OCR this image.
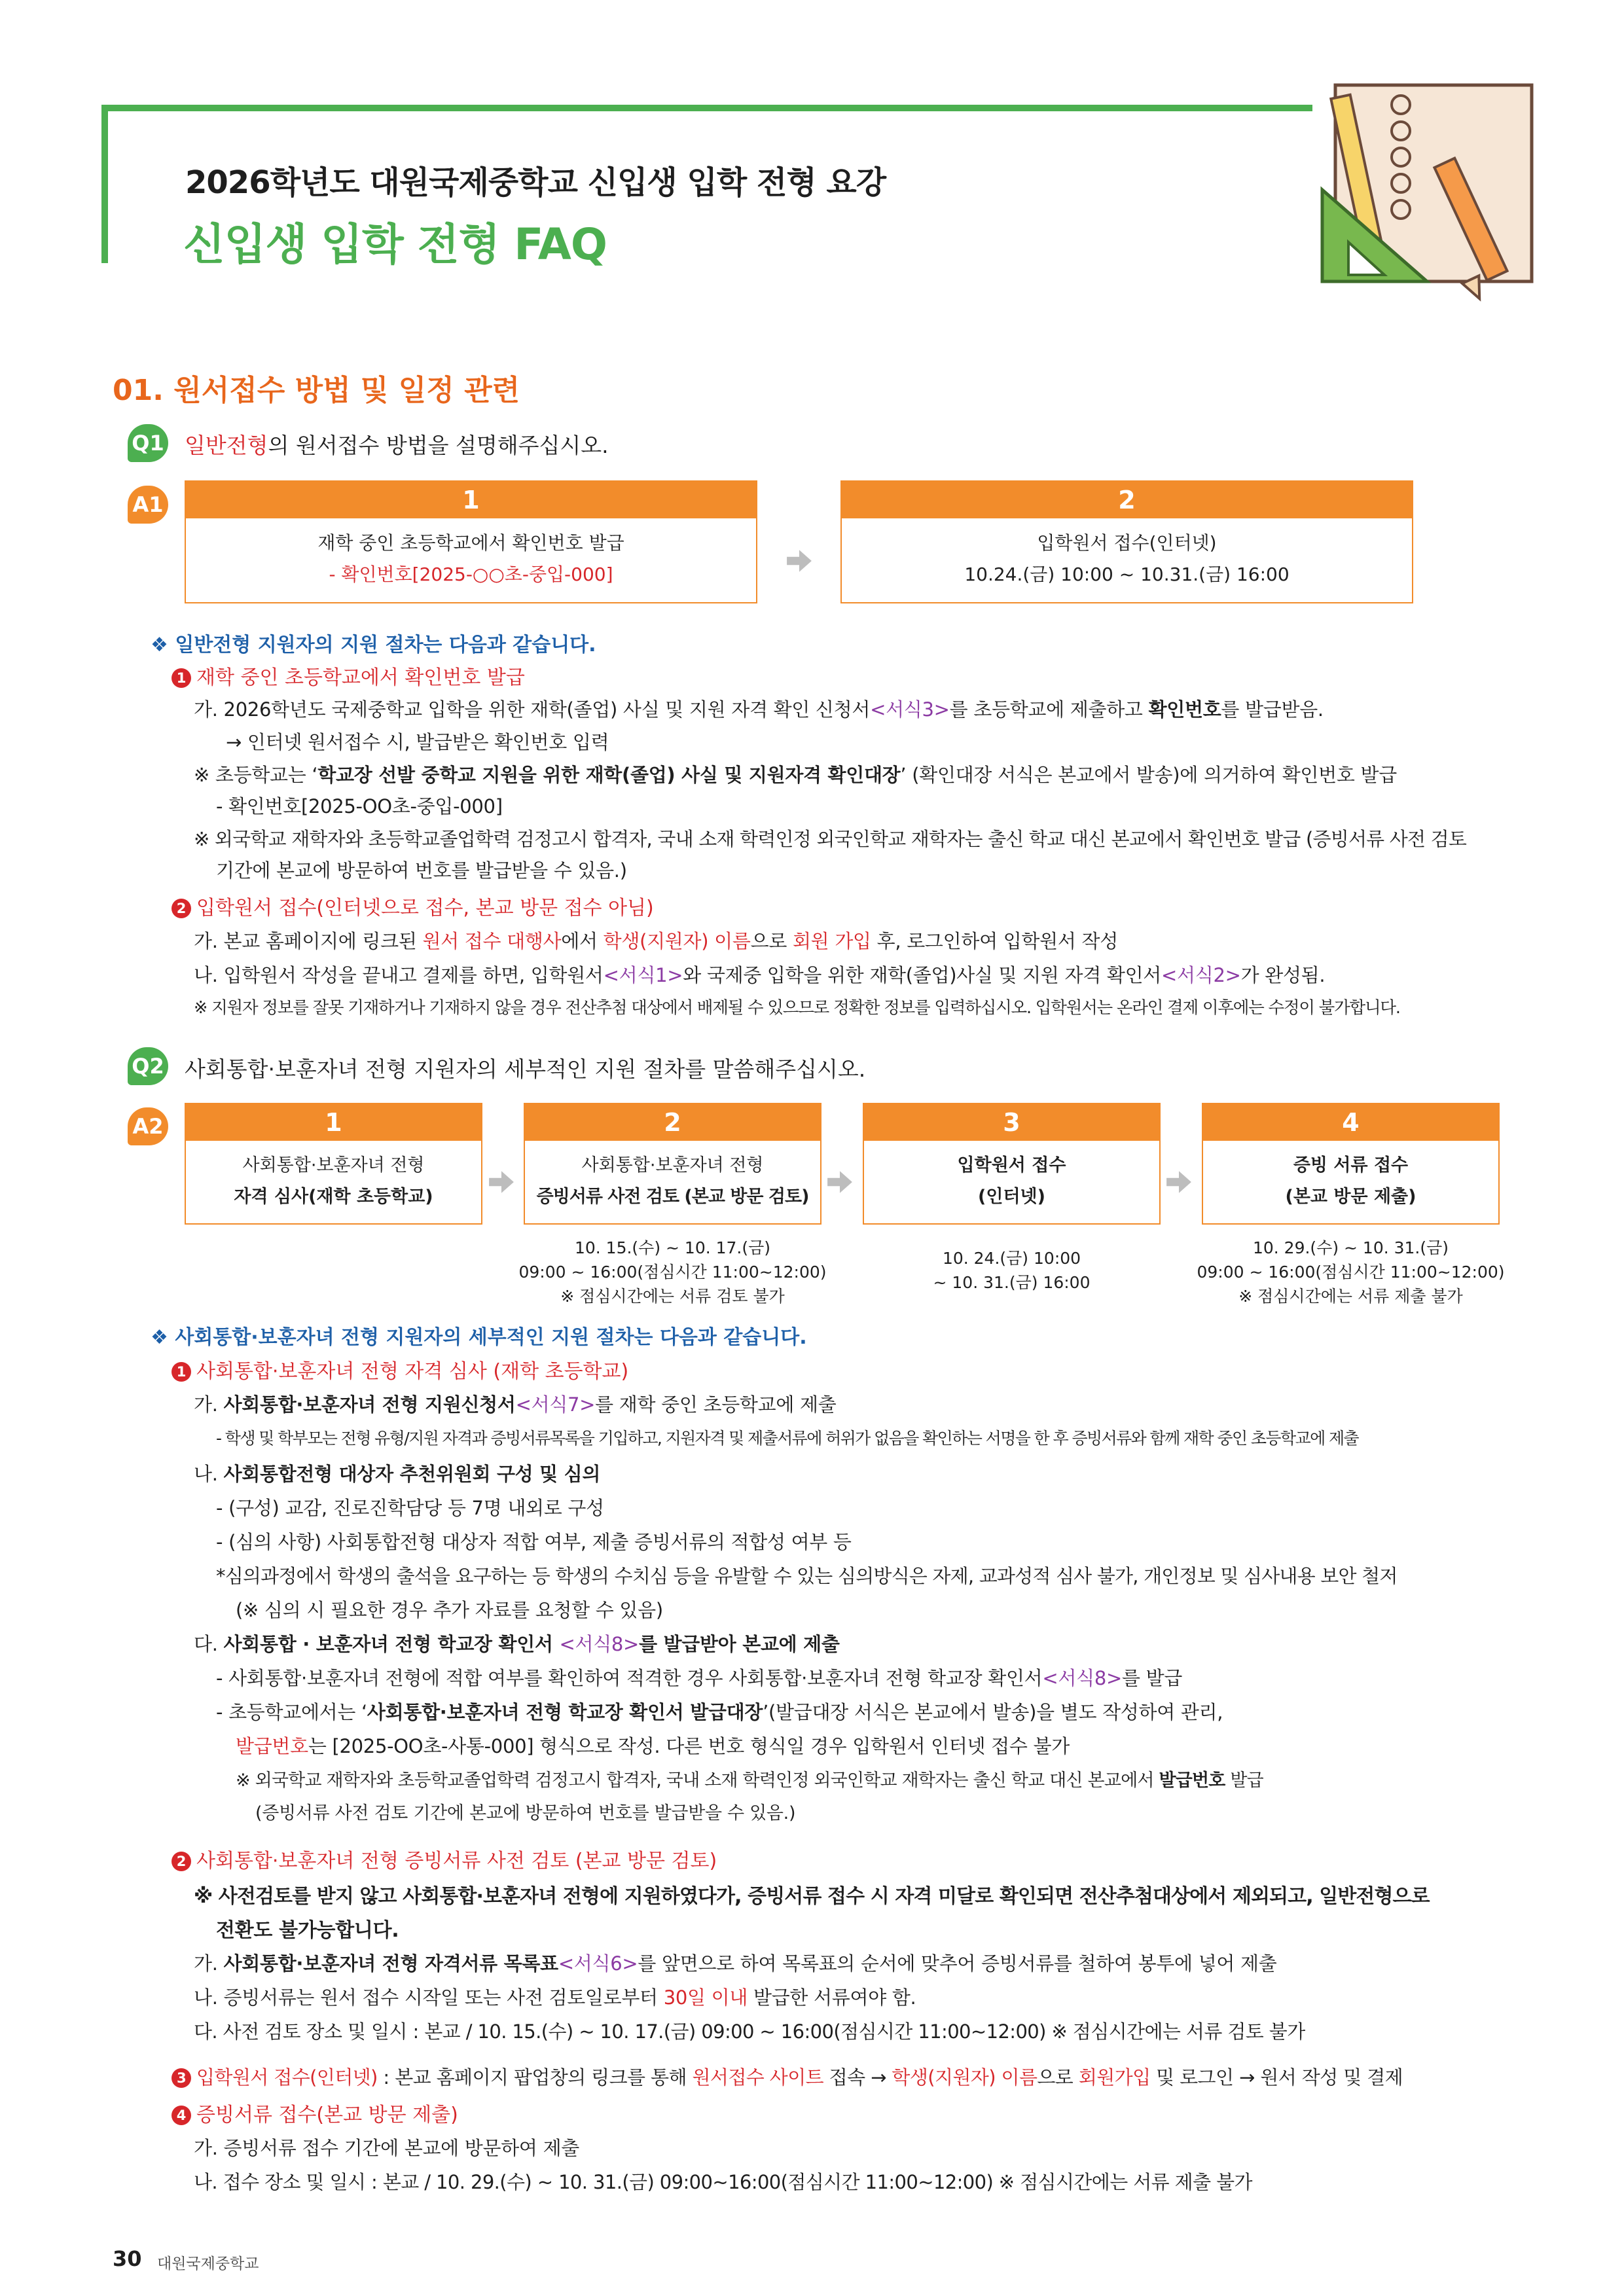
2026학년도 대원국제중학교 신입생 입학 전형 요강
신입생 입학 전형 FAQ
01. 원서접수 방법 및 일정 관련
Q1 일반전형의 원서접수 방법을 설명해주십시오.
A1	1
재학 중인 초등학교에서 확인번호 발급
- 확인번호[2025-○○초-중입-000]
2
입학원서 접수(인터넷)
10.24.(금) 10:00 ~ 10.31.(금) 16:00
❖ 일반전형 지원자의 지원 절차는 다음과 같습니다.
1 재학 중인 초등학교에서 확인번호 발급
가. 2026학년도 국제중학교 입학을 위한 재학(졸업) 사실 및 지원 자격 확인 신청서<서식3>를 초등학교에 제출하고 확인번호를 발급받음.
→ 인터넷 원서접수 시, 발급받은 확인번호 입력
※ 초등학교는 ‘학교장 선발 중학교 지원을 위한 재학(졸업) 사실 및 지원자격 확인대장’ (확인대장 서식은 본교에서 발송)에 의거하여 확인번호 발급
- 확인번호[2025-OO초-중입-000]
※ 외국학교 재학자와 초등학교졸업학력 검정고시 합격자, 국내 소재 학력인정 외국인학교 재학자는 출신 학교 대신 본교에서 확인번호 발급 (증빙서류 사전 검토
기간에 본교에 방문하여 번호를 발급받을 수 있음.)
2 입학원서 접수(인터넷으로 접수, 본교 방문 접수 아님)
가. 본교 홈페이지에 링크된 원서 접수 대행사에서 학생(지원자) 이름으로 회원 가입 후, 로그인하여 입학원서 작성
나. 입학원서 작성을 끝내고 결제를 하면, 입학원서<서식1>와 국제중 입학을 위한 재학(졸업)사실 및 지원 자격 확인서<서식2>가 완성됨.
※ 지원자 정보를 잘못 기재하거나 기재하지 않을 경우 전산추첨 대상에서 배제될 수 있으므로 정확한 정보를 입력하십시오. 입학원서는 온라인 결제 이후에는 수정이 불가합니다.
Q2 사회통합·보훈자녀 전형 지원자의 세부적인 지원 절차를 말씀해주십시오.
A2	1
사회통합·보훈자녀 전형
자격 심사(재학 초등학교)
2
사회통합·보훈자녀 전형
증빙서류 사전 검토 (본교 방문 검토)
3
입학원서 접수
(인터넷)
4
증빙 서류 접수
(본교 방문 제출)
10. 15.(수) ~ 10. 17.(금)
09:00 ~ 16:00(점심시간 11:00~12:00)
※ 점심시간에는 서류 검토 불가
10. 24.(금) 10:00
~ 10. 31.(금) 16:00
10. 29.(수) ~ 10. 31.(금)
09:00 ~ 16:00(점심시간 11:00~12:00)
※ 점심시간에는 서류 제출 불가
❖ 사회통합·보훈자녀 전형 지원자의 세부적인 지원 절차는 다음과 같습니다.
1 사회통합·보훈자녀 전형 자격 심사 (재학 초등학교)
가. 사회통합·보훈자녀 전형 지원신청서<서식7>를 재학 중인 초등학교에 제출
- 학생 및 학부모는 전형 유형/지원 자격과 증빙서류목록을 기입하고, 지원자격 및 제출서류에 허위가 없음을 확인하는 서명을 한 후 증빙서류와 함께 재학 중인 초등학교에 제출
나. 사회통합전형 대상자 추천위원회 구성 및 심의
- (구성) 교감, 진로진학담당 등 7명 내외로 구성
- (심의 사항) 사회통합전형 대상자 적합 여부, 제출 증빙서류의 적합성 여부 등
*심의과정에서 학생의 출석을 요구하는 등 학생의 수치심 등을 유발할 수 있는 심의방식은 자제, 교과성적 심사 불가, 개인정보 및 심사내용 보안 철저
(※ 심의 시 필요한 경우 추가 자료를 요청할 수 있음)
다. 사회통합 · 보훈자녀 전형 학교장 확인서 <서식8>를 발급받아 본교에 제출
- 사회통합·보훈자녀 전형에 적합 여부를 확인하여 적격한 경우 사회통합·보훈자녀 전형 학교장 확인서<서식8>를 발급
- 초등학교에서는 ‘사회통합·보훈자녀 전형 학교장 확인서 발급대장’(발급대장 서식은 본교에서 발송)을 별도 작성하여 관리,
발급번호는 [2025-OO초-사통-000] 형식으로 작성. 다른 번호 형식일 경우 입학원서 인터넷 접수 불가
※ 외국학교 재학자와 초등학교졸업학력 검정고시 합격자, 국내 소재 학력인정 외국인학교 재학자는 출신 학교 대신 본교에서 발급번호 발급
(증빙서류 사전 검토 기간에 본교에 방문하여 번호를 발급받을 수 있음.)
2 사회통합·보훈자녀 전형 증빙서류 사전 검토 (본교 방문 검토)
※ 사전검토를 받지 않고 사회통합·보훈자녀 전형에 지원하였다가, 증빙서류 접수 시 자격 미달로 확인되면 전산추첨대상에서 제외되고, 일반전형으로
전환도 불가능합니다.
가. 사회통합·보훈자녀 전형 자격서류 목록표<서식6>를 앞면으로 하여 목록표의 순서에 맞추어 증빙서류를 철하여 봉투에 넣어 제출
나. 증빙서류는 원서 접수 시작일 또는 사전 검토일로부터 30일 이내 발급한 서류여야 함.
다. 사전 검토 장소 및 일시 : 본교 / 10. 15.(수) ~ 10. 17.(금) 09:00 ~ 16:00(점심시간 11:00~12:00) ※ 점심시간에는 서류 검토 불가
3 입학원서 접수(인터넷) : 본교 홈페이지 팝업창의 링크를 통해 원서접수 사이트 접속 → 학생(지원자) 이름으로 회원가입 및 로그인 → 원서 작성 및 결제
4 증빙서류 접수(본교 방문 제출)
가. 증빙서류 접수 기간에 본교에 방문하여 제출
나. 접수 장소 및 일시 : 본교 / 10. 29.(수) ~ 10. 31.(금) 09:00~16:00(점심시간 11:00~12:00) ※ 점심시간에는 서류 제출 불가
30 대원국제중학교
